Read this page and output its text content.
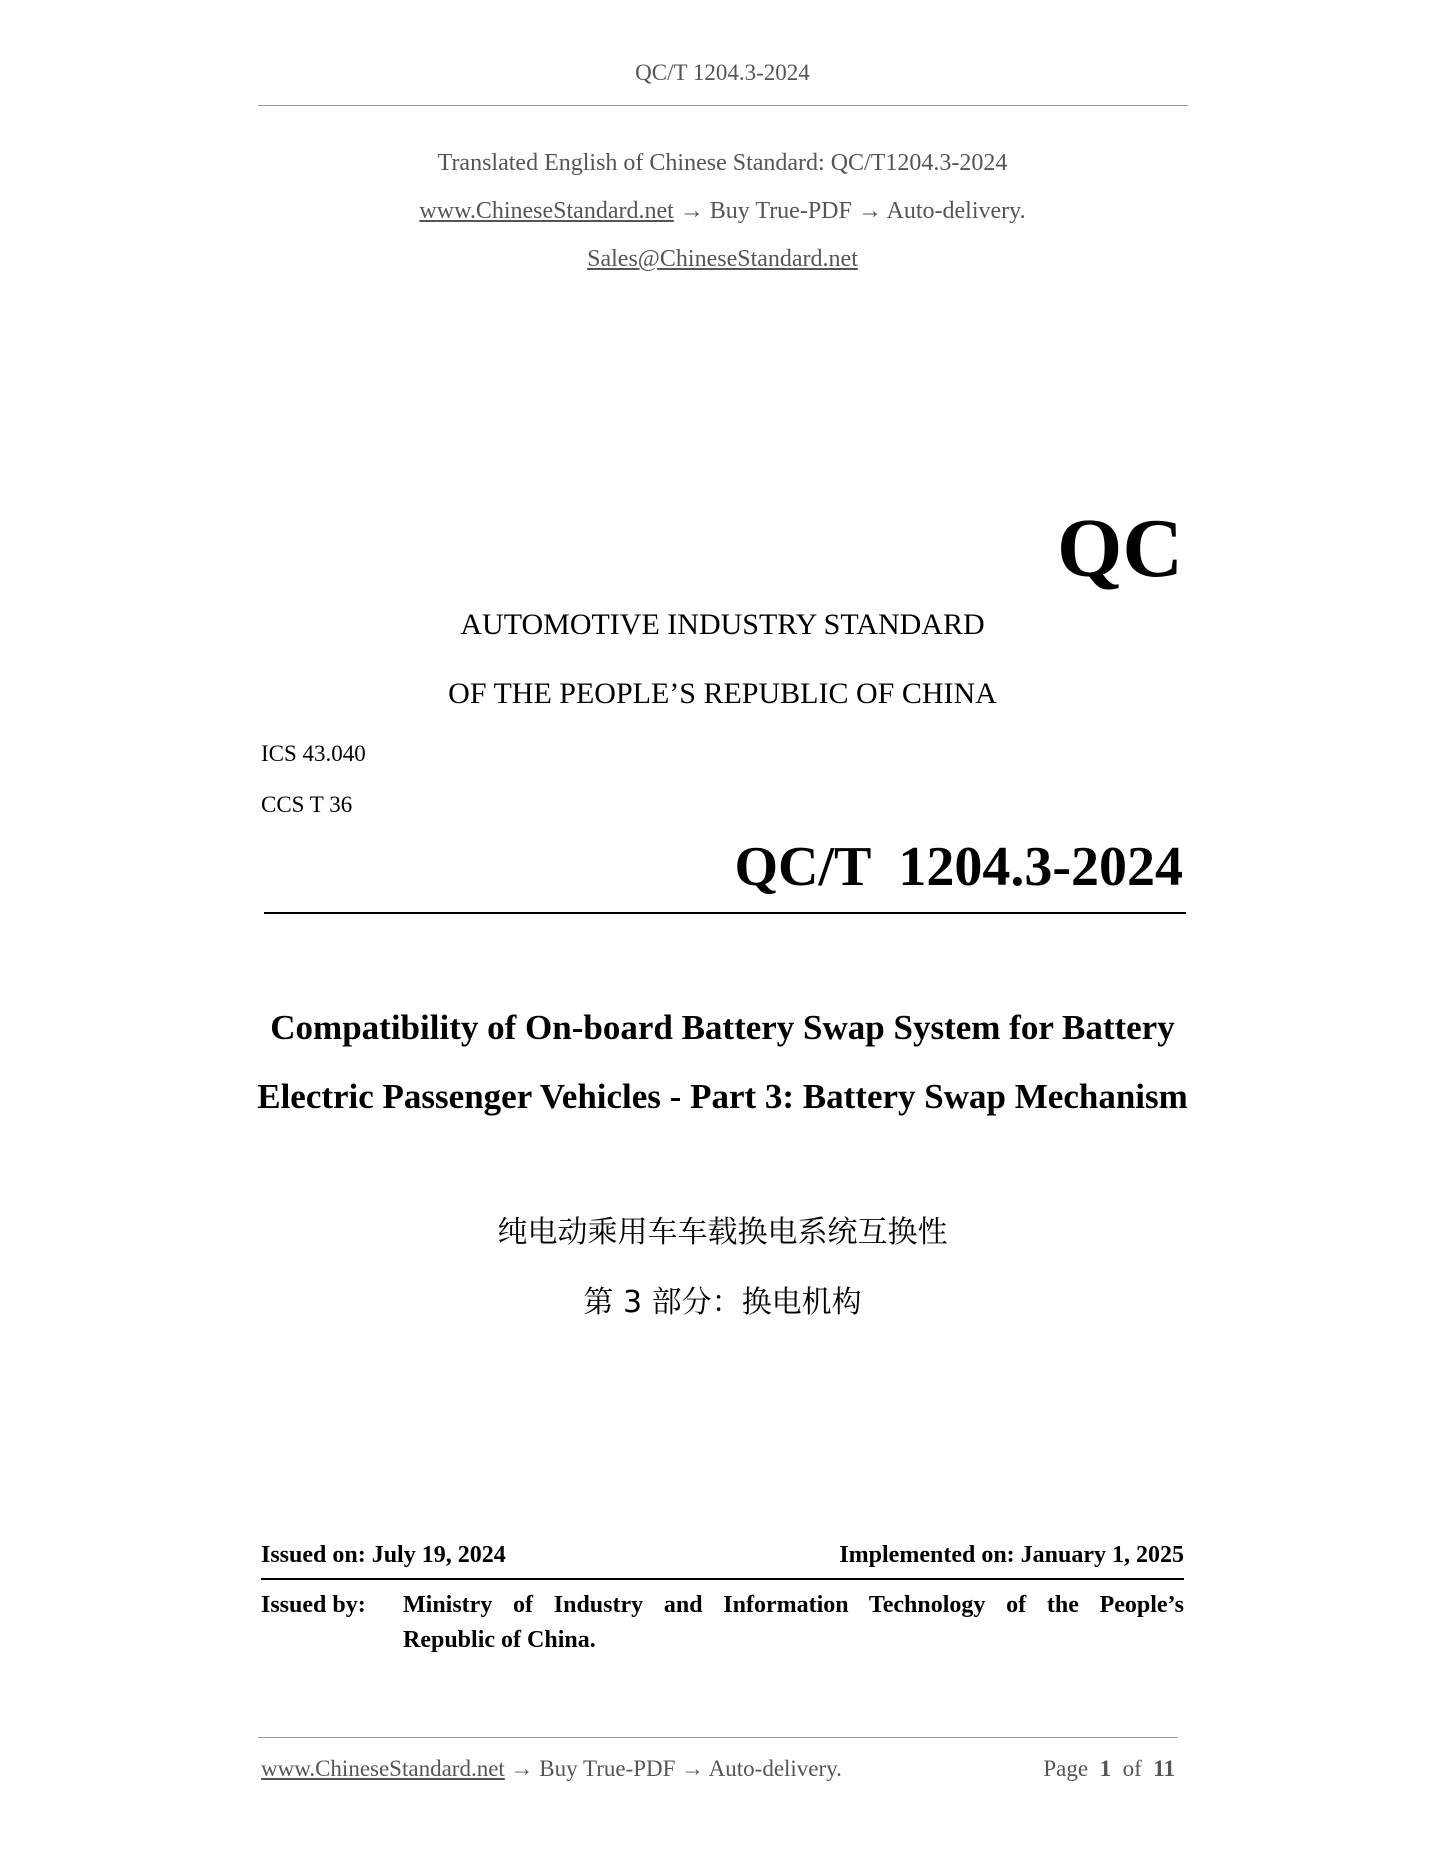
QC/T 1204.3-2024
Translated English of Chinese Standard: QC/T1204.3-2024
www.ChineseStandard.net → Buy True-PDF → Auto-delivery.
Sales@ChineseStandard.net
QC
AUTOMOTIVE INDUSTRY STANDARD
OF THE PEOPLE’S REPUBLIC OF CHINA
ICS 43.040
CCS T 36
QC/T  1204.3-2024
Compatibility of On-board Battery Swap System for Battery Electric Passenger Vehicles - Part 3: Battery Swap Mechanism
纯电动乘用车车载换电系统互换性
第 3 部分：换电机构
Issued on: July 19, 2024	Implemented on: January 1, 2025
Issued by: Ministry of Industry and Information Technology of the People’s
Republic of China.
www.ChineseStandard.net → Buy True-PDF → Auto-delivery.	Page 1 of 11
